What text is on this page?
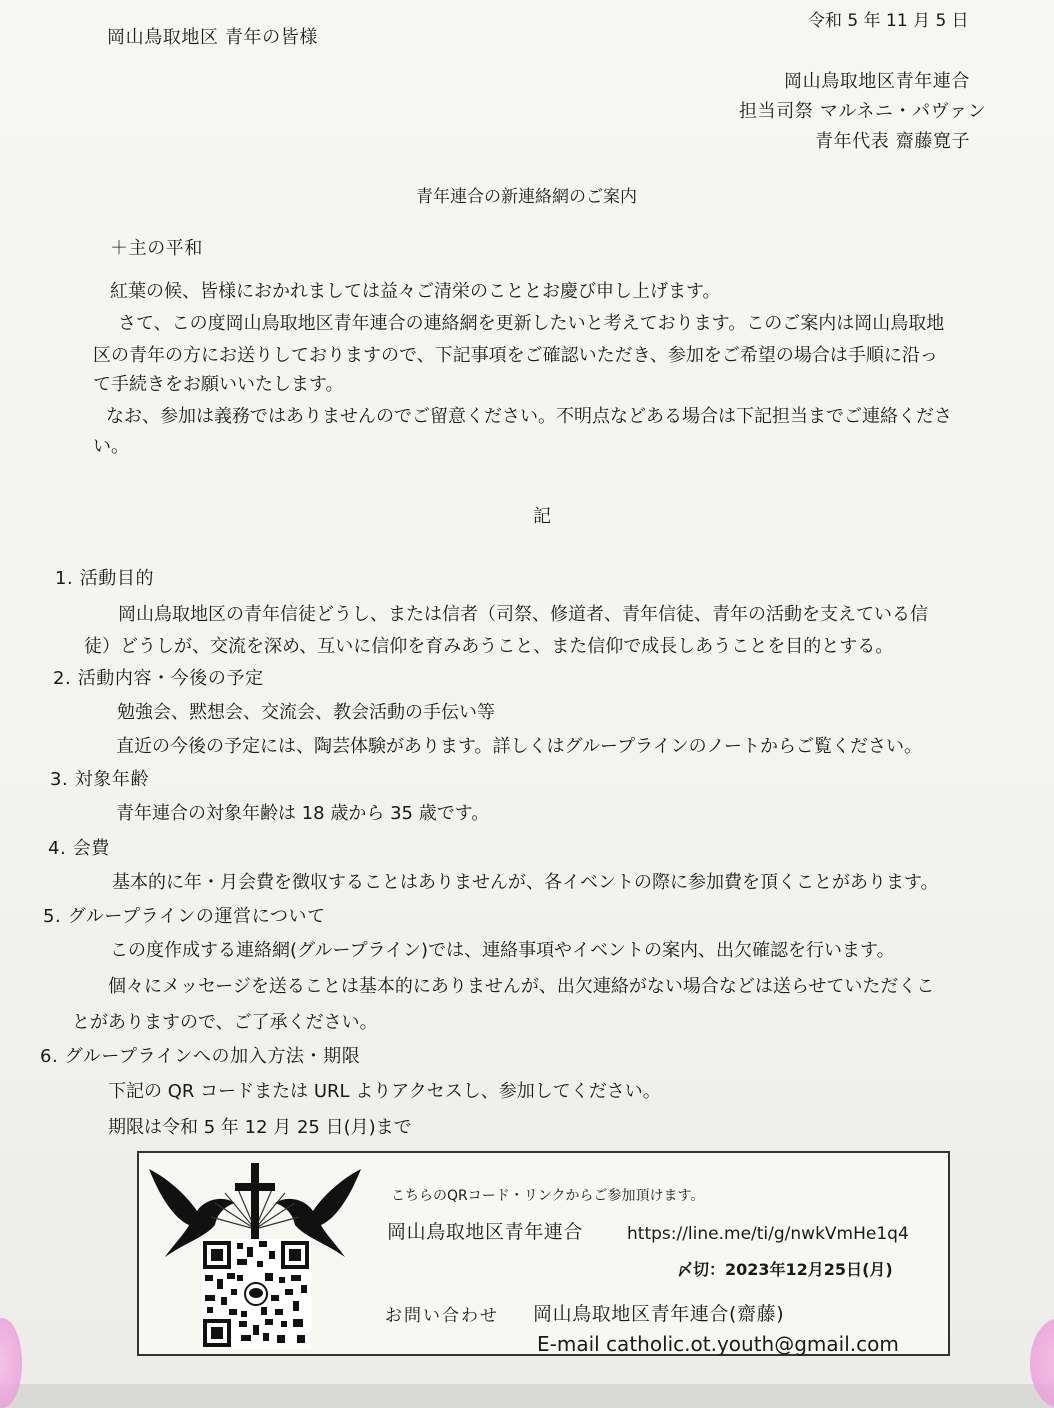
岡山鳥取地区 青年の皆様
令和 5 年 11 月 5 日
岡山鳥取地区青年連合
担当司祭 マルネニ・パヴァン
青年代表 齋藤寛子
青年連合の新連絡網のご案内
＋主の平和
紅葉の候、皆様におかれましては益々ご清栄のこととお慶び申し上げます。
さて、この度岡山鳥取地区青年連合の連絡網を更新したいと考えております。このご案内は岡山鳥取地
区の青年の方にお送りしておりますので、下記事項をご確認いただき、参加をご希望の場合は手順に沿っ
て手続きをお願いいたします。
なお、参加は義務ではありませんのでご留意ください。不明点などある場合は下記担当までご連絡くださ
い。
記
1. 活動目的
岡山鳥取地区の青年信徒どうし、または信者（司祭、修道者、青年信徒、青年の活動を支えている信
徒）どうしが、交流を深め、互いに信仰を育みあうこと、また信仰で成長しあうことを目的とする。
2. 活動内容・今後の予定
勉強会、黙想会、交流会、教会活動の手伝い等
直近の今後の予定には、陶芸体験があります。詳しくはグループラインのノートからご覧ください。
3. 対象年齢
青年連合の対象年齢は 18 歳から 35 歳です。
4. 会費
基本的に年・月会費を徴収することはありませんが、各イベントの際に参加費を頂くことがあります。
5. グループラインの運営について
この度作成する連絡網(グループライン)では、連絡事項やイベントの案内、出欠確認を行います。
個々にメッセージを送ることは基本的にありませんが、出欠連絡がない場合などは送らせていただくこ
とがありますので、ご了承ください。
6. グループラインへの加入方法・期限
下記の QR コードまたは URL よりアクセスし、参加してください。
期限は令和 5 年 12 月 25 日(月)まで
こちらのQRコード・リンクからご参加頂けます。
岡山鳥取地区青年連合	https://line.me/ti/g/nwkVmHe1q4
〆切：2023年12月25日(月)
お問い合わせ 岡山鳥取地区青年連合(齋藤)
E-mail catholic.ot.youth@gmail.com
